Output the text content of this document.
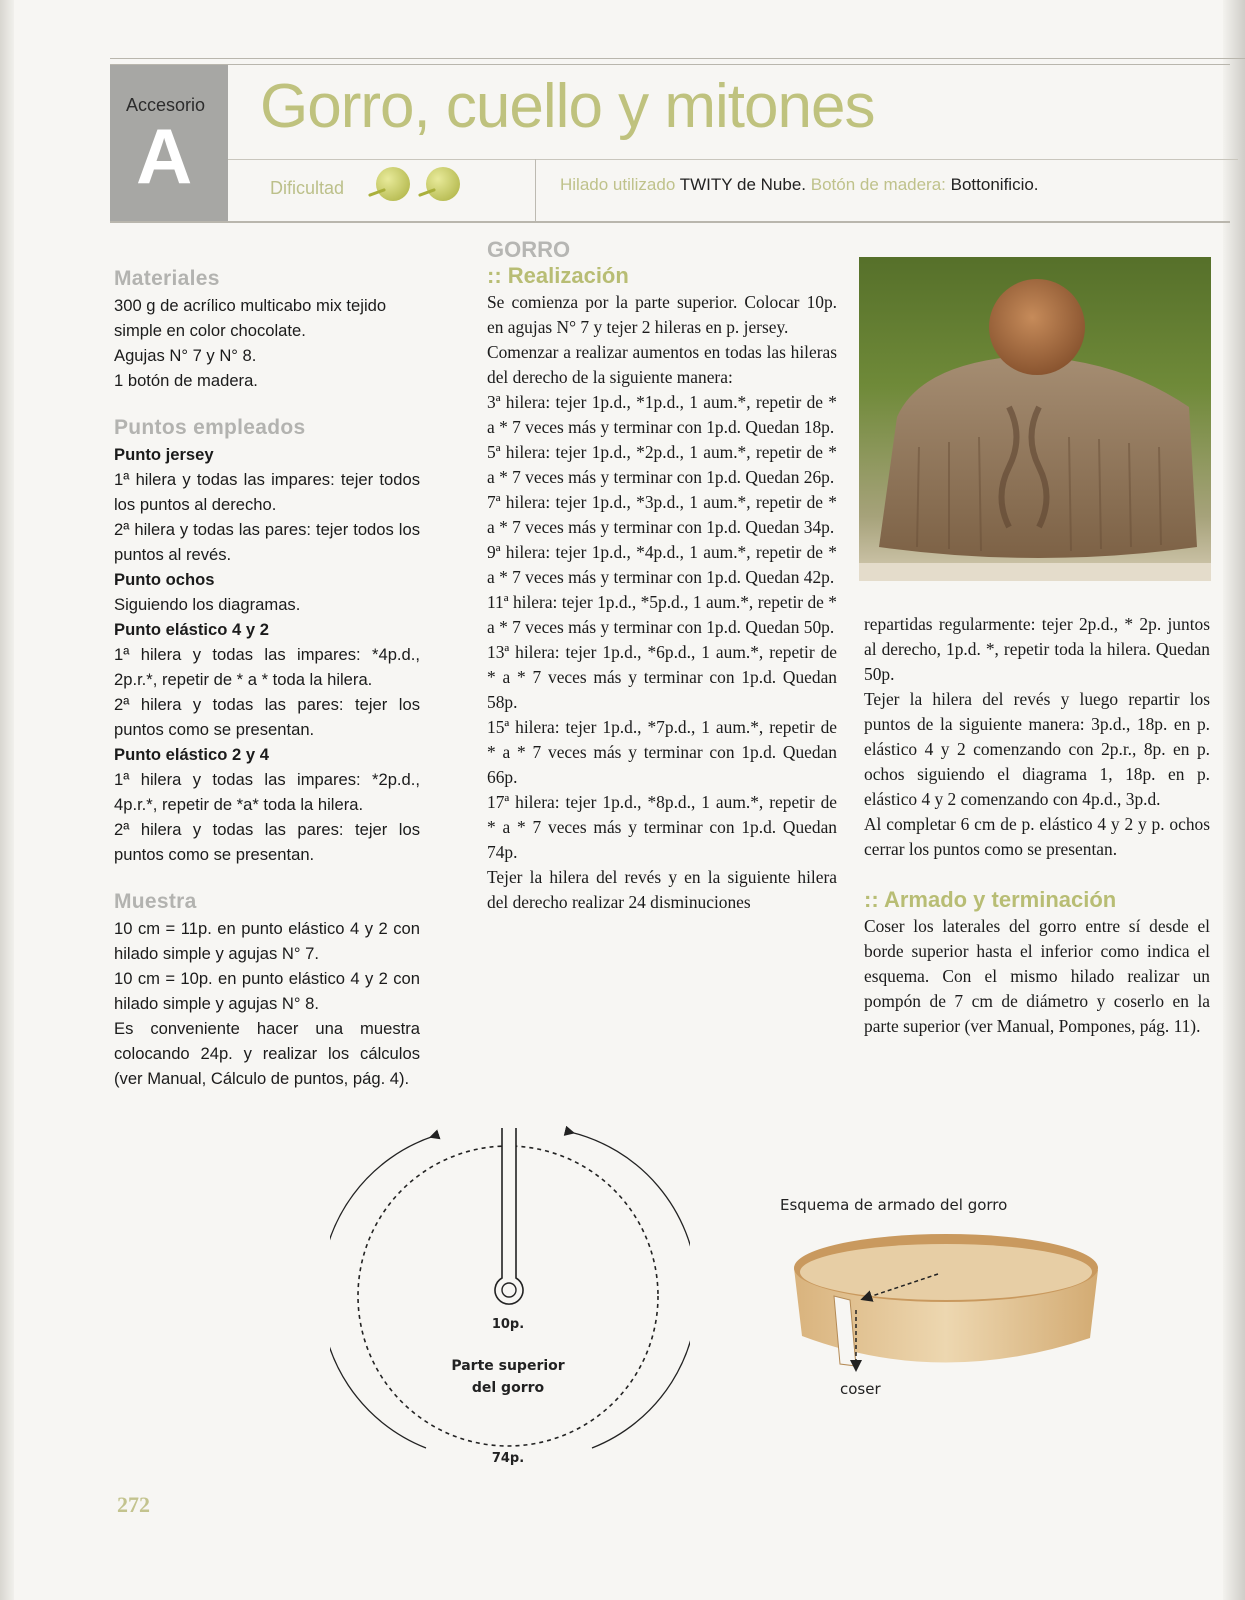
Accesorio
A
Gorro, cuello y mitones
Dificultad	Hilado utilizado TWITY de Nube. Botón de madera: Bottonificio.
Materiales

300 g de acrílico multicabo mix tejido simple en color chocolate.

Agujas N° 7 y N° 8.

1 botón de madera.

Puntos empleados

Punto jersey

1ª hilera y todas las impares: tejer todos los puntos al derecho.

2ª hilera y todas las pares: tejer todos los puntos al revés.

Punto ochos

Siguiendo los diagramas.

Punto elástico 4 y 2

1ª hilera y todas las impares: *4p.d., 2p.r.*, repetir de * a * toda la hilera.

2ª hilera y todas las pares: tejer los puntos como se presentan.

Punto elástico 2 y 4

1ª hilera y todas las impares: *2p.d., 4p.r.*, repetir de *a* toda la hilera.

2ª hilera y todas las pares: tejer los puntos como se presentan.

Muestra

10 cm = 11p. en punto elástico 4 y 2 con hilado simple y agujas N° 7.

10 cm = 10p. en punto elástico 4 y 2 con hilado simple y agujas N° 8.

Es conveniente hacer una muestra colocando 24p. y realizar los cálculos (ver Manual, Cálculo de puntos, pág. 4).

GORRO
:: Realización

Se comienza por la parte superior. Colocar 10p. en agujas N° 7 y tejer 2 hileras en p. jersey.

Comenzar a realizar aumentos en todas las hileras del derecho de la siguiente manera:

3ª hilera: tejer 1p.d., *1p.d., 1 aum.*, repetir de * a * 7 veces más y terminar con 1p.d. Quedan 18p.

5ª hilera: tejer 1p.d., *2p.d., 1 aum.*, repetir de * a * 7 veces más y terminar con 1p.d. Quedan 26p.

7ª hilera: tejer 1p.d., *3p.d., 1 aum.*, repetir de * a * 7 veces más y terminar con 1p.d. Quedan 34p.

9ª hilera: tejer 1p.d., *4p.d., 1 aum.*, repetir de * a * 7 veces más y terminar con 1p.d. Quedan 42p.

11ª hilera: tejer 1p.d., *5p.d., 1 aum.*, repetir de * a * 7 veces más y terminar con 1p.d. Quedan 50p.

13ª hilera: tejer 1p.d., *6p.d., 1 aum.*, repetir de * a * 7 veces más y terminar con 1p.d. Quedan 58p.

15ª hilera: tejer 1p.d., *7p.d., 1 aum.*, repetir de * a * 7 veces más y terminar con 1p.d. Quedan 66p.

17ª hilera: tejer 1p.d., *8p.d., 1 aum.*, repetir de * a * 7 veces más y terminar con 1p.d. Quedan 74p.

Tejer la hilera del revés y en la siguiente hilera del derecho realizar 24 disminuciones

repartidas regularmente: tejer 2p.d., * 2p. juntos al derecho, 1p.d. *, repetir toda la hilera. Quedan 50p.

Tejer la hilera del revés y luego repartir los puntos de la siguiente manera: 3p.d., 18p. en p. elástico 4 y 2 comenzando con 2p.r., 8p. en p. ochos siguiendo el diagrama 1, 18p. en p. elástico 4 y 2 comenzando con 4p.d., 3p.d.

Al completar 6 cm de p. elástico 4 y 2 y p. ochos cerrar los puntos como se presentan.

:: Armado y terminación

Coser los laterales del gorro entre sí desde el borde superior hasta el inferior como indica el esquema. Con el mismo hilado realizar un pompón de 7 cm de diámetro y coserlo en la parte superior (ver Manual, Pompones, pág. 11).

10p.
Parte superior
del gorro
74p.
Esquema de armado del gorro
coser
272
